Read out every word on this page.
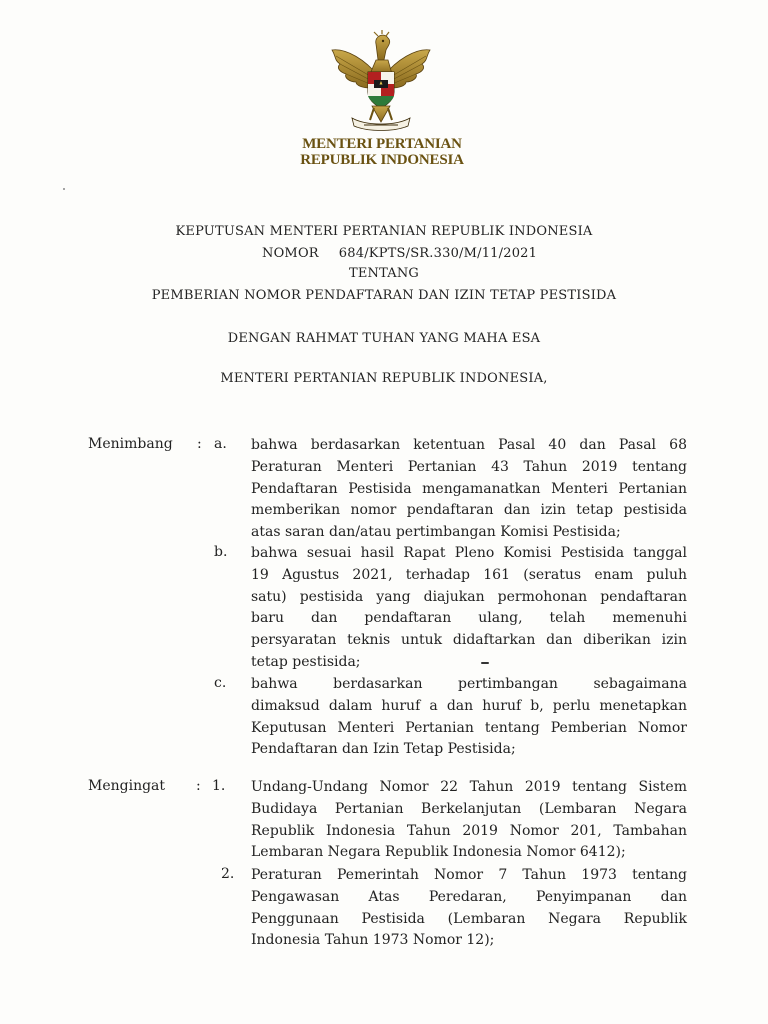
MENTERI PERTANIAN
REPUBLIK INDONESIA
KEPUTUSAN MENTERI PERTANIAN REPUBLIK INDONESIA
NOMOR 684/KPTS/SR.330/M/11/2021
TENTANG
PEMBERIAN NOMOR PENDAFTARAN DAN IZIN TETAP PESTISIDA
DENGAN RAHMAT TUHAN YANG MAHA ESA
MENTERI PERTANIAN REPUBLIK INDONESIA,
Menimbang : a. bahwa berdasarkan ketentuan Pasal 40 dan Pasal 68
Peraturan Menteri Pertanian 43 Tahun 2019 tentang
Pendaftaran Pestisida mengamanatkan Menteri Pertanian
memberikan nomor pendaftaran dan izin tetap pestisida
atas saran dan/atau pertimbangan Komisi Pestisida;
b. bahwa sesuai hasil Rapat Pleno Komisi Pestisida tanggal
19 Agustus 2021, terhadap 161 (seratus enam puluh
satu) pestisida yang diajukan permohonan pendaftaran
baru dan pendaftaran ulang, telah memenuhi
persyaratan teknis untuk didaftarkan dan diberikan izin
tetap pestisida;
c. bahwa berdasarkan pertimbangan sebagaimana
dimaksud dalam huruf a dan huruf b, perlu menetapkan
Keputusan Menteri Pertanian tentang Pemberian Nomor
Pendaftaran dan Izin Tetap Pestisida;
Mengingat : 1. Undang-Undang Nomor 22 Tahun 2019 tentang Sistem
Budidaya Pertanian Berkelanjutan (Lembaran Negara
Republik Indonesia Tahun 2019 Nomor 201, Tambahan
Lembaran Negara Republik Indonesia Nomor 6412);
2. Peraturan Pemerintah Nomor 7 Tahun 1973 tentang
Pengawasan Atas Peredaran, Penyimpanan dan
Penggunaan Pestisida (Lembaran Negara Republik
Indonesia Tahun 1973 Nomor 12);
